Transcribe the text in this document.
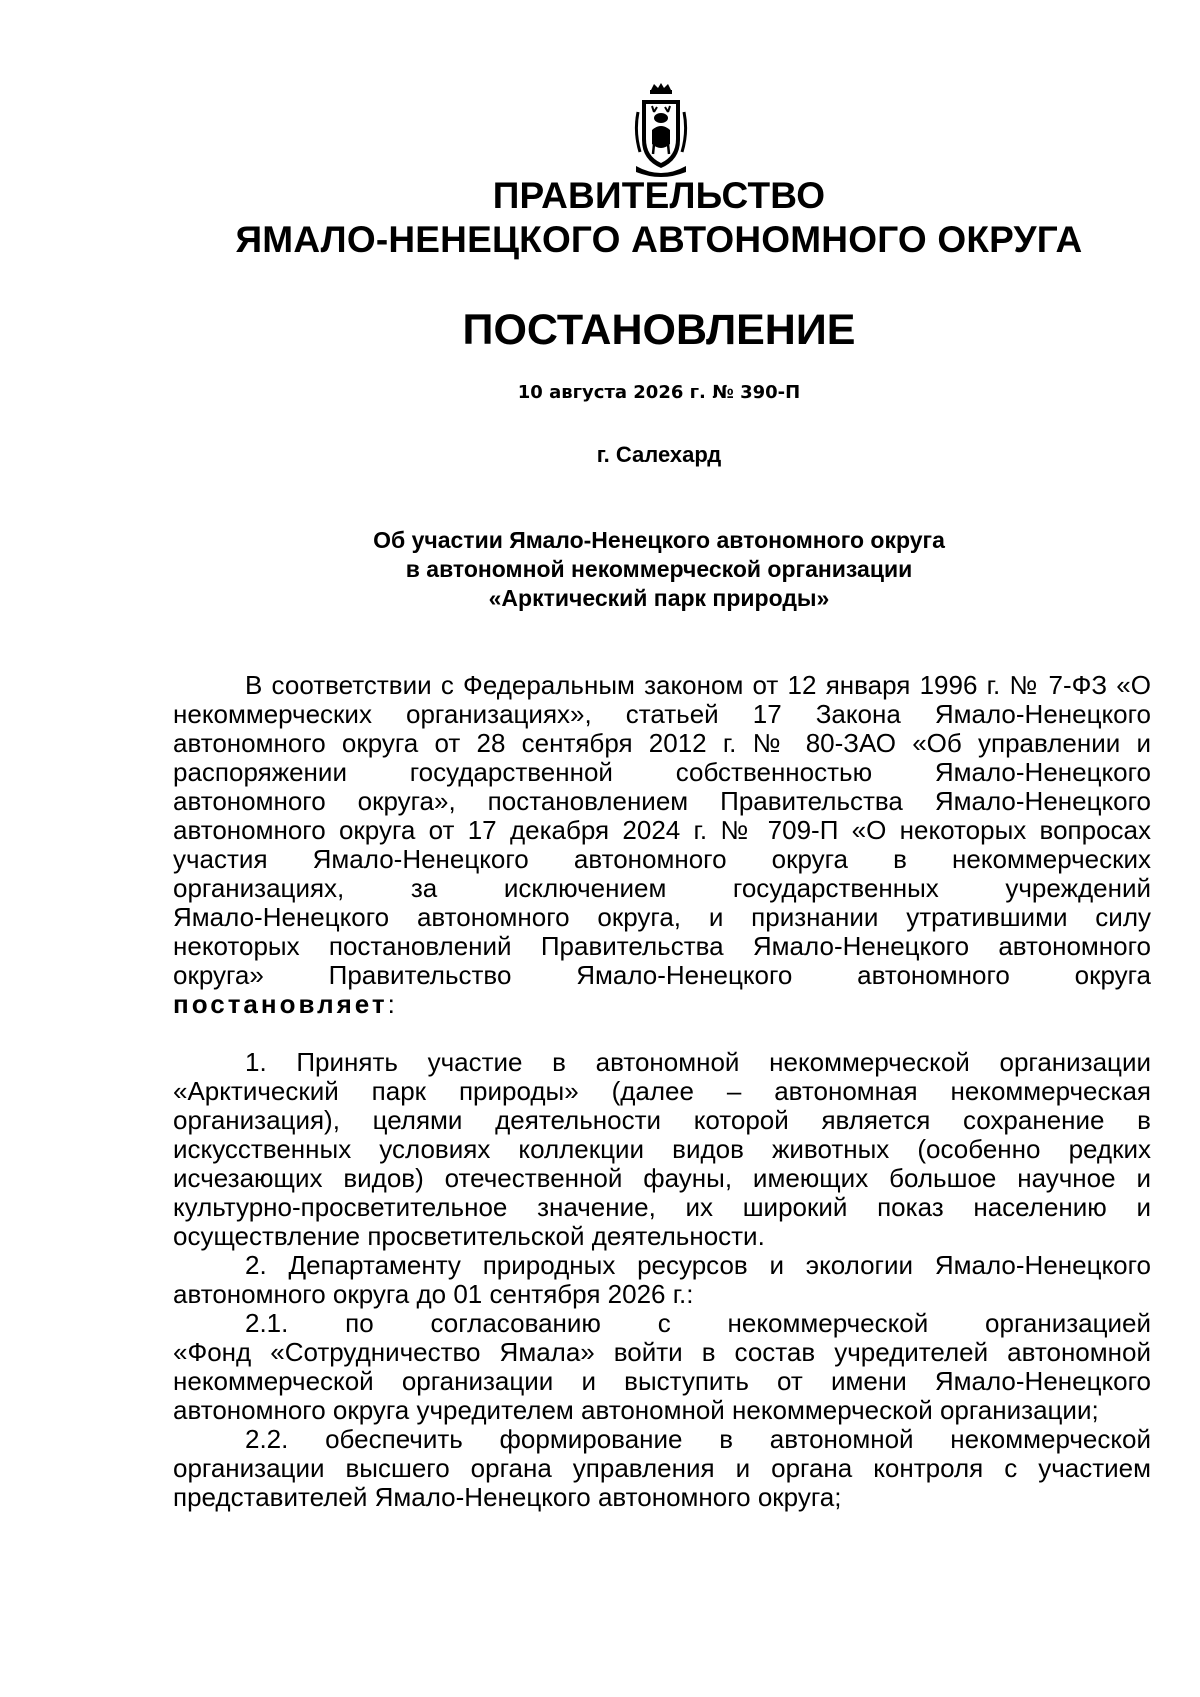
ПРАВИТЕЛЬСТВО
ЯМАЛО-НЕНЕЦКОГО АВТОНОМНОГО ОКРУГА
ПОСТАНОВЛЕНИЕ
10 августа 2026 г. № 390-П
г. Салехард
Об участии Ямало-Ненецкого автономного округа
в автономной некоммерческой организации
«Арктический парк природы»
В соответствии с Федеральным законом от 12 января 1996 г. № 7-ФЗ «О
некоммерческих организациях», статьей 17 Закона Ямало-Ненецкого
автономного округа от 28 сентября 2012 г. № 80-ЗАО «Об управлении и
распоряжении государственной собственностью Ямало-Ненецкого
автономного округа», постановлением Правительства Ямало-Ненецкого
автономного округа от 17 декабря 2024 г. № 709-П «О некоторых вопросах
участия Ямало-Ненецкого автономного округа в некоммерческих
организациях, за исключением государственных учреждений
Ямало-Ненецкого автономного округа, и признании утратившими силу
некоторых постановлений Правительства Ямало-Ненецкого автономного
округа» Правительство Ямало-Ненецкого автономного округа
постановляет:
1. Принять участие в автономной некоммерческой организации
«Арктический парк природы» (далее – автономная некоммерческая
организация), целями деятельности которой является сохранение в
искусственных условиях коллекции видов животных (особенно редких
исчезающих видов) отечественной фауны, имеющих большое научное и
культурно-просветительное значение, их широкий показ населению и
осуществление просветительской деятельности.
2. Департаменту природных ресурсов и экологии Ямало-Ненецкого
автономного округа до 01 сентября 2026 г.:
2.1. по согласованию с некоммерческой организацией
«Фонд «Сотрудничество Ямала» войти в состав учредителей автономной
некоммерческой организации и выступить от имени Ямало-Ненецкого
автономного округа учредителем автономной некоммерческой организации;
2.2. обеспечить формирование в автономной некоммерческой
организации высшего органа управления и органа контроля с участием
представителей Ямало-Ненецкого автономного округа;
